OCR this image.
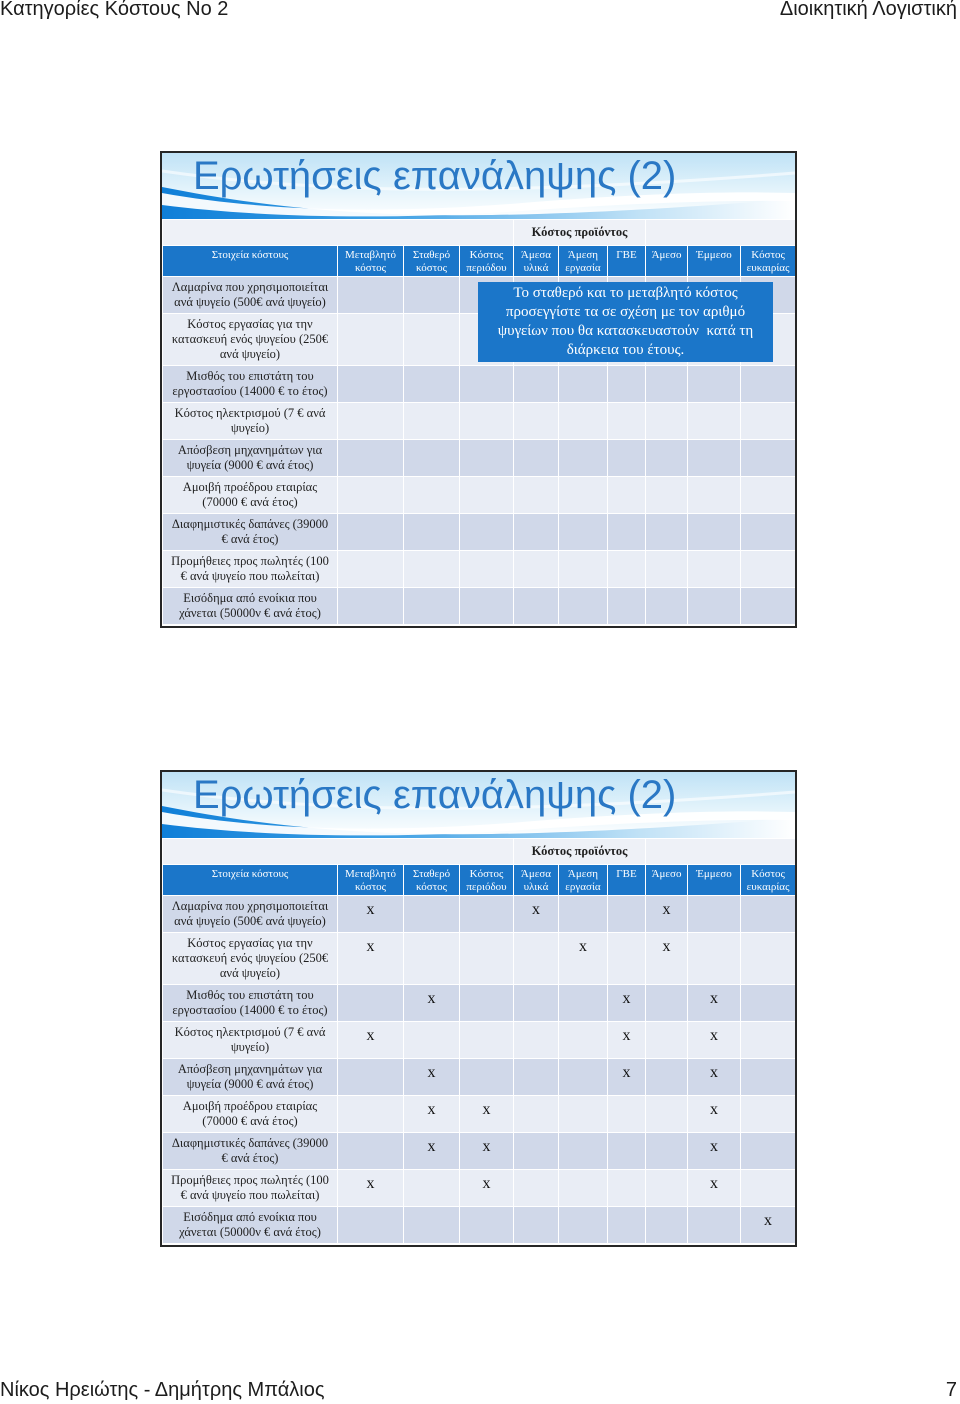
Κατηγορίες Κόστους Νο 2	Διοικητική Λογιστική
Ερωτήσεις επανάληψης (2)
				Κόστος προϊόντος					
Στοιχεία κόστους	Μεταβλητό κόστος	Σταθερό κόστος	Κόστος περιόδου	Άμεσα υλικά	Άμεση εργασία	ΓΒΕ	Άμεσο	Έμμεσο	Κόστος ευκαιρίας

Λαμαρίνα που χρησιμοποιείται
ανά ψυγείο (500€ ανά ψυγείο)									

Κόστος εργασίας για την
κατασκευή ενός ψυγείου (250€
ανά ψυγείο)									

Μισθός του επιστάτη του
εργοστασίου (14000 € το έτος)									

Κόστος ηλεκτρισμού (7 € ανά
ψυγείο)									

Απόσβεση μηχανημάτων για
ψυγεία (9000 € ανά έτος)									

Αμοιβή προέδρου εταιρίας
(70000 € ανά έτος)									

Διαφημιστικές δαπάνες (39000
€ ανά έτος)									

Προμήθειες προς πωλητές (100
€ ανά ψυγείο που πωλείται)									

Εισόδημα από ενοίκια που
χάνεται (50000ν € ανά έτος)									

Το σταθερό και το μεταβλητό κόστος προσεγγίστε τα σε σχέση με τον αριθμό ψυγείων που θα κατασκευαστούν  κατά τη διάρκεια του έτους.
Ερωτήσεις επανάληψης (2)
				Κόστος προϊόντος					
Στοιχεία κόστους	Μεταβλητό κόστος	Σταθερό κόστος	Κόστος περιόδου	Άμεσα υλικά	Άμεση εργασία	ΓΒΕ	Άμεσο	Έμμεσο	Κόστος ευκαιρίας

Λαμαρίνα που χρησιμοποιείται
ανά ψυγείο (500€ ανά ψυγείο)	x			x			x		

Κόστος εργασίας για την
κατασκευή ενός ψυγείου (250€
ανά ψυγείο)	x				x		x		

Μισθός του επιστάτη του
εργοστασίου (14000 € το έτος)		x				x		x	

Κόστος ηλεκτρισμού (7 € ανά
ψυγείο)	x					x		x	

Απόσβεση μηχανημάτων για
ψυγεία (9000 € ανά έτος)		x				x		x	

Αμοιβή προέδρου εταιρίας
(70000 € ανά έτος)		x	x					x	

Διαφημιστικές δαπάνες (39000
€ ανά έτος)		x	x					x	

Προμήθειες προς πωλητές (100
€ ανά ψυγείο που πωλείται)	x		x					x	

Εισόδημα από ενοίκια που
χάνεται (50000ν € ανά έτος)									x
Νίκος Ηρειώτης - Δημήτρης Μπάλιος	7
